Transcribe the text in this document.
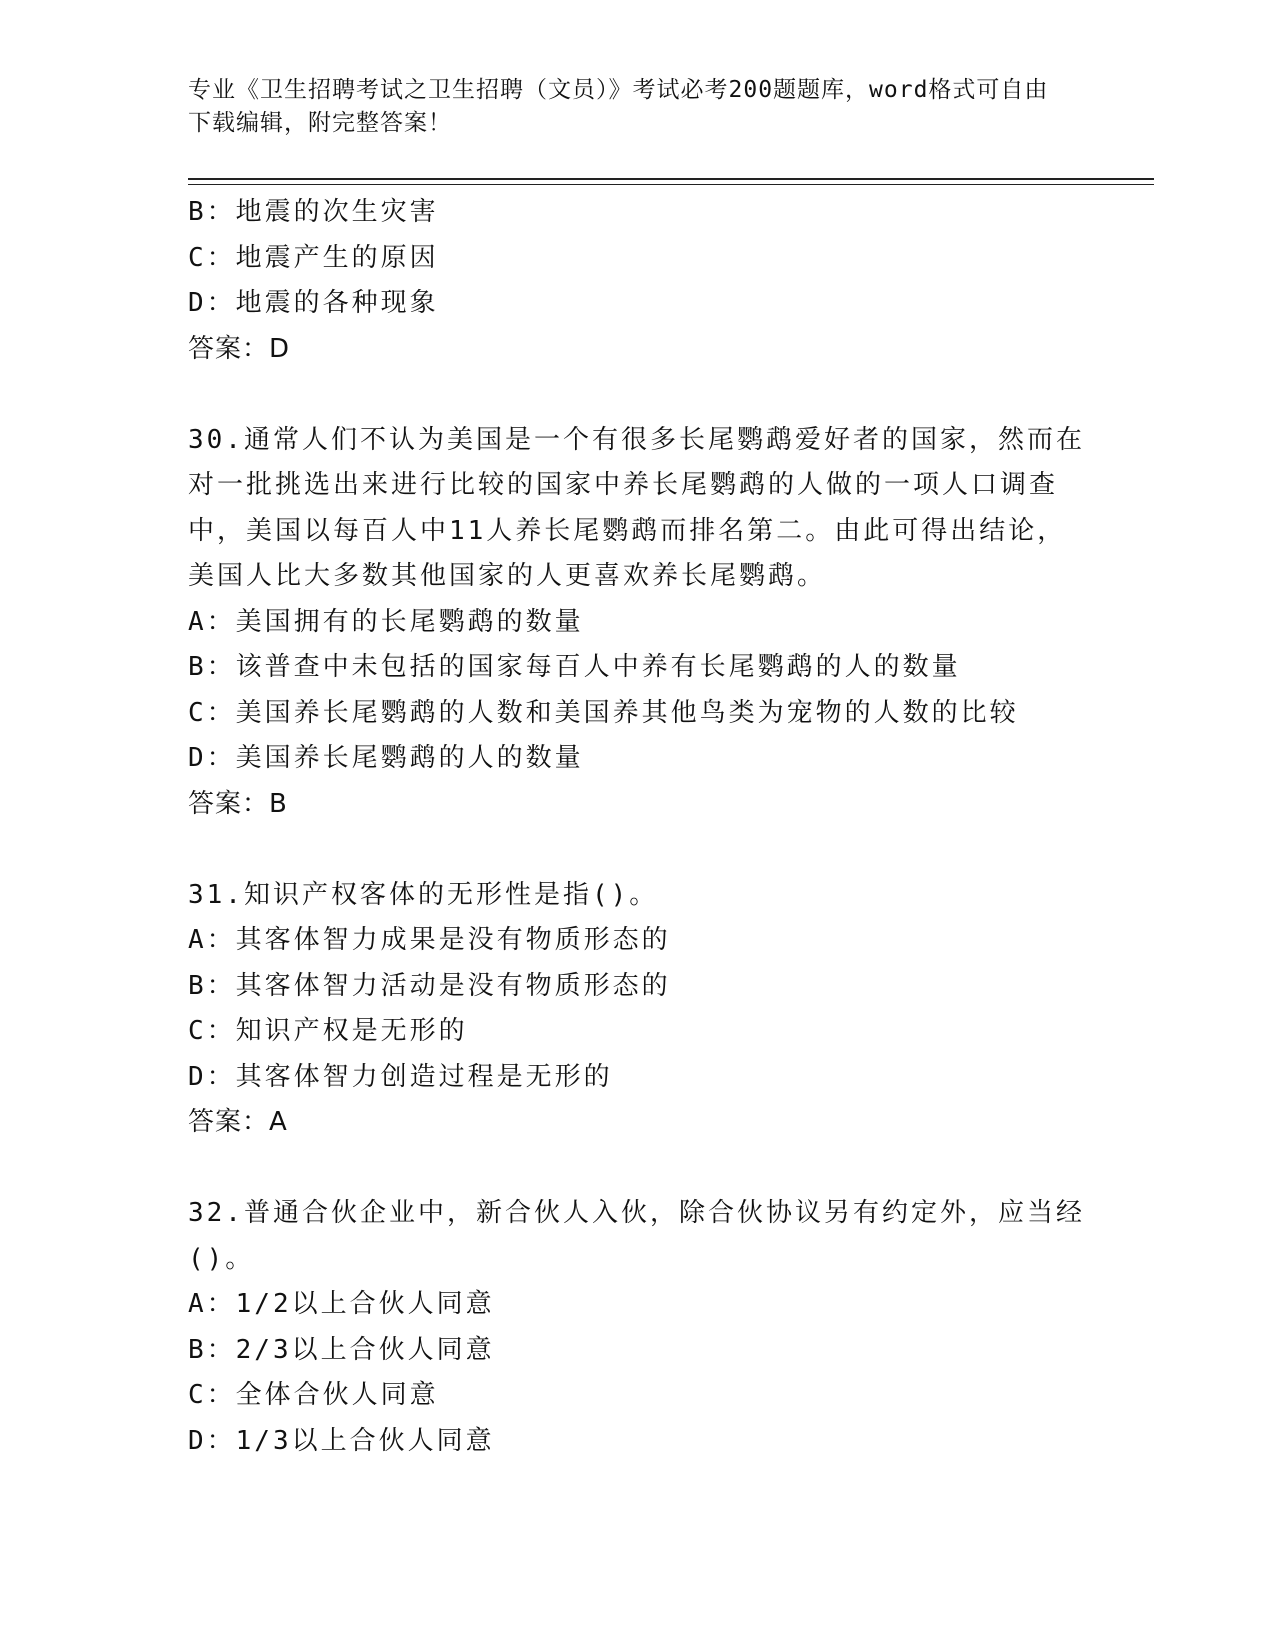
专业《卫生招聘考试之卫生招聘（文员）》考试必考200题题库，word格式可自由下载编辑，附完整答案！
B：地震的次生灾害
C：地震产生的原因
D：地震的各种现象
答案：D
30.通常人们不认为美国是一个有很多长尾鹦鹉爱好者的国家，然而在
对一批挑选出来进行比较的国家中养长尾鹦鹉的人做的一项人口调查
中，美国以每百人中11人养长尾鹦鹉而排名第二。由此可得出结论，
美国人比大多数其他国家的人更喜欢养长尾鹦鹉。
A：美国拥有的长尾鹦鹉的数量
B：该普查中未包括的国家每百人中养有长尾鹦鹉的人的数量
C：美国养长尾鹦鹉的人数和美国养其他鸟类为宠物的人数的比较
D：美国养长尾鹦鹉的人的数量
答案：B
31.知识产权客体的无形性是指()。
A：其客体智力成果是没有物质形态的
B：其客体智力活动是没有物质形态的
C：知识产权是无形的
D：其客体智力创造过程是无形的
答案：A
32.普通合伙企业中，新合伙人入伙，除合伙协议另有约定外，应当经
()。
A：1/2以上合伙人同意
B：2/3以上合伙人同意
C：全体合伙人同意
D：1/3以上合伙人同意
